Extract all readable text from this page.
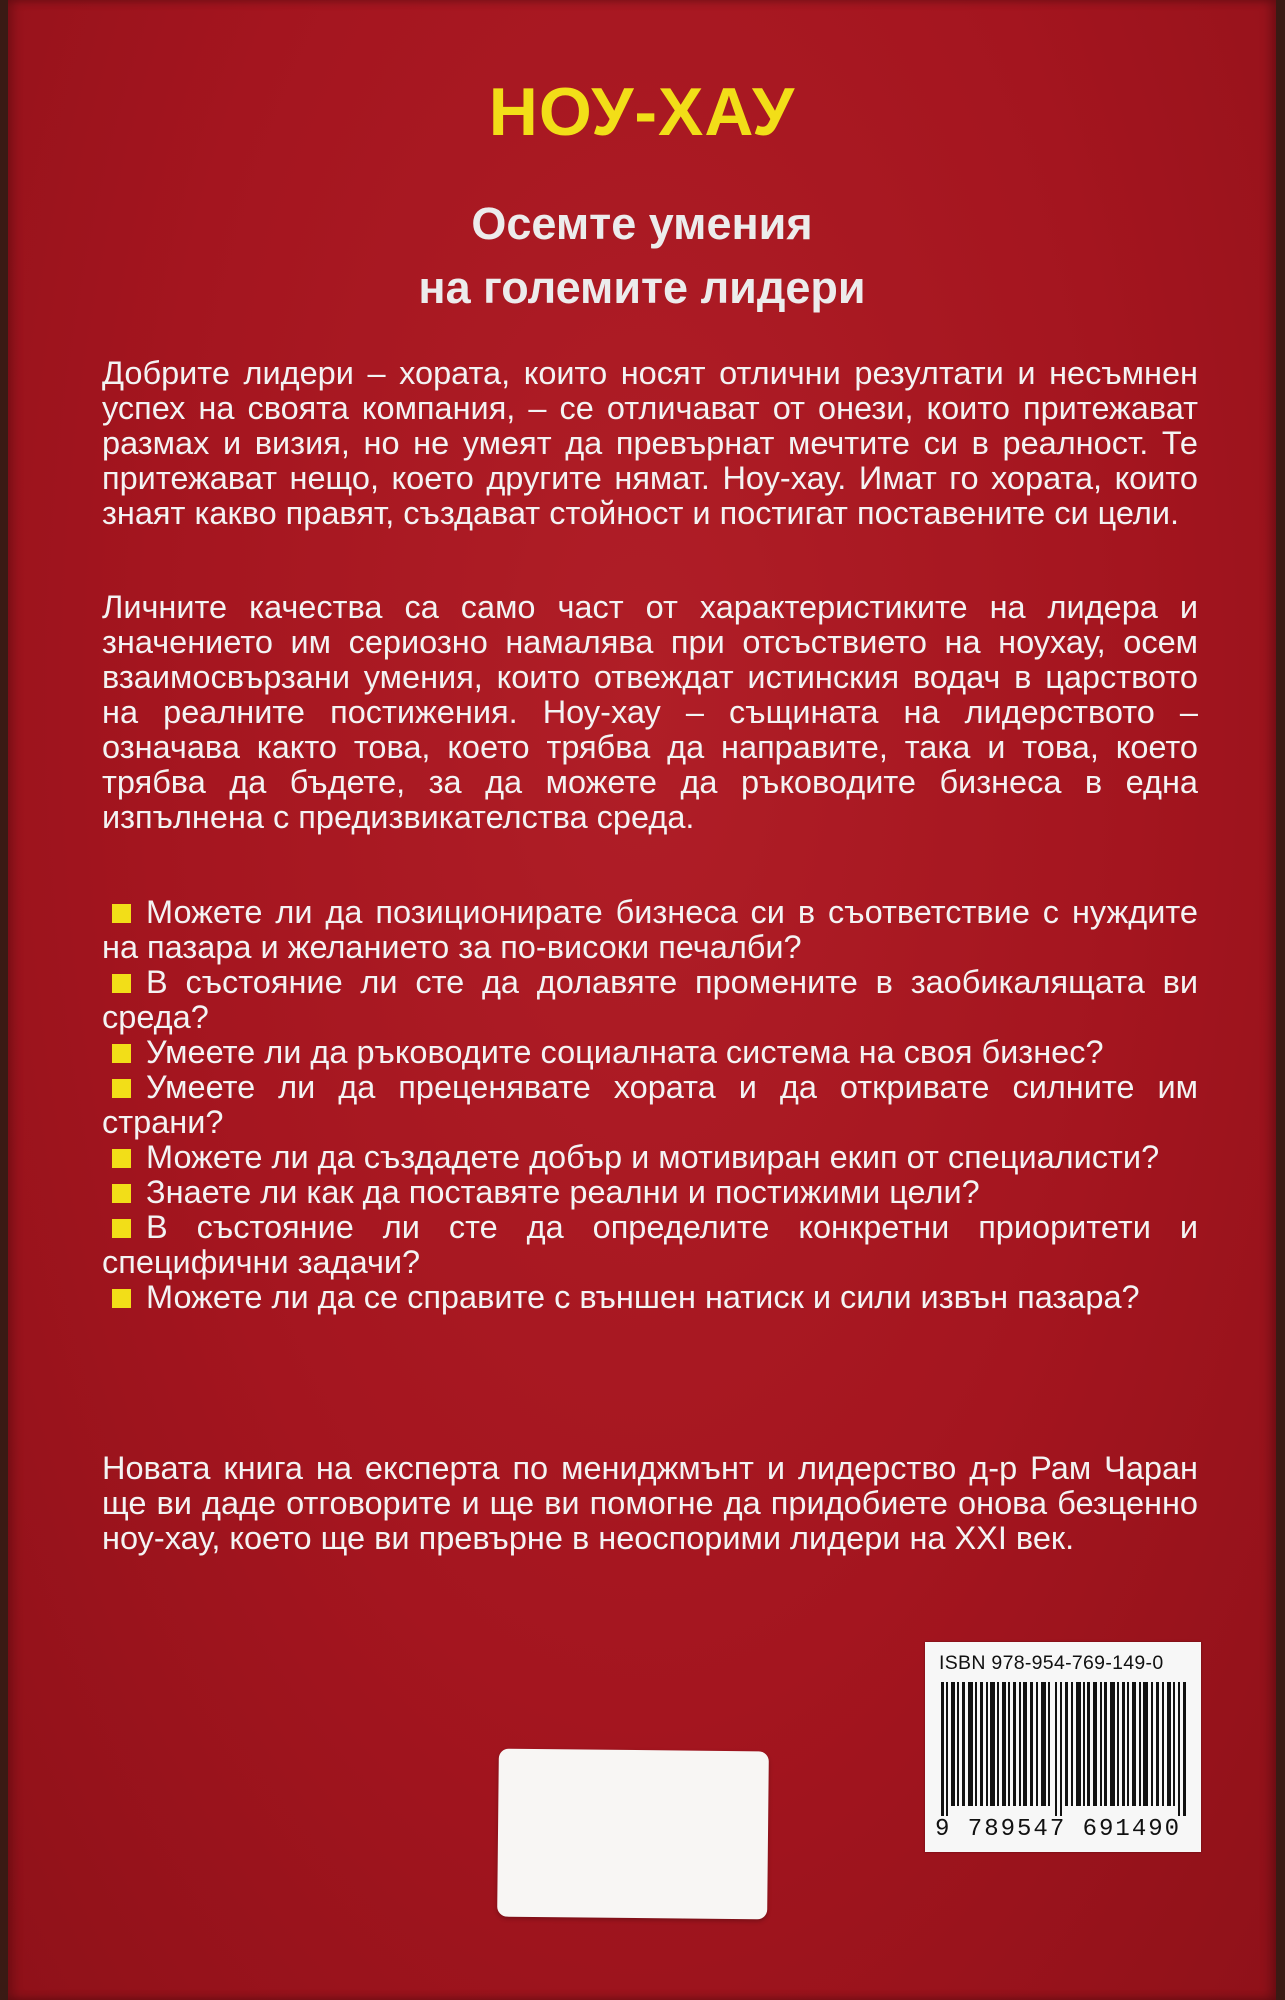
НОУ-ХАУ
Осемте умения
на големите лидери

Добрите лидери – хората, които носят отлични резултати и несъмнен успех на своята компания, – се отличават от онези, които притежават размах и визия, но не умеят да превърнат мечтите си в реалност. Те притежават нещо, което другите нямат. Ноу-хау. Имат го хората, които знаят какво правят, създават стойност и постигат поставените си цели.

Личните качества са само част от характеристиките на лидера и значението им сериозно намалява при отсъствието на ноухау, осем взаимосвързани умения, които отвеждат истинския водач в царството на реалните постижения. Ноу-хау – същината на лидерството – означава както това, което трябва да направите, така и това, което трябва да бъдете, за да можете да ръководите бизнеса в една изпълнена с предизвикателства среда.

Можете ли да позиционирате бизнеса си в съответствие с нуждите на пазара и желанието за по-високи печалби?
В състояние ли сте да долавяте промените в заобикалящата ви среда?
Умеете ли да ръководите социалната система на своя бизнес?
Умеете ли да преценявате хората и да откривате силните им страни?
Можете ли да създадете добър и мотивиран екип от специалисти?
Знаете ли как да поставяте реални и постижими цели?
В състояние ли сте да определите конкретни приоритети и специфични задачи?
Можете ли да се справите с външен натиск и сили извън пазара?

Новата книга на експерта по мениджмънт и лидерство д-р Рам Чаран ще ви даде отговорите и ще ви помогне да придобиете онова безценно ноу-хау, което ще ви превърне в неоспорими лидери на XXI век.

ISBN 978-954-769-149-0
9 789547 691490
